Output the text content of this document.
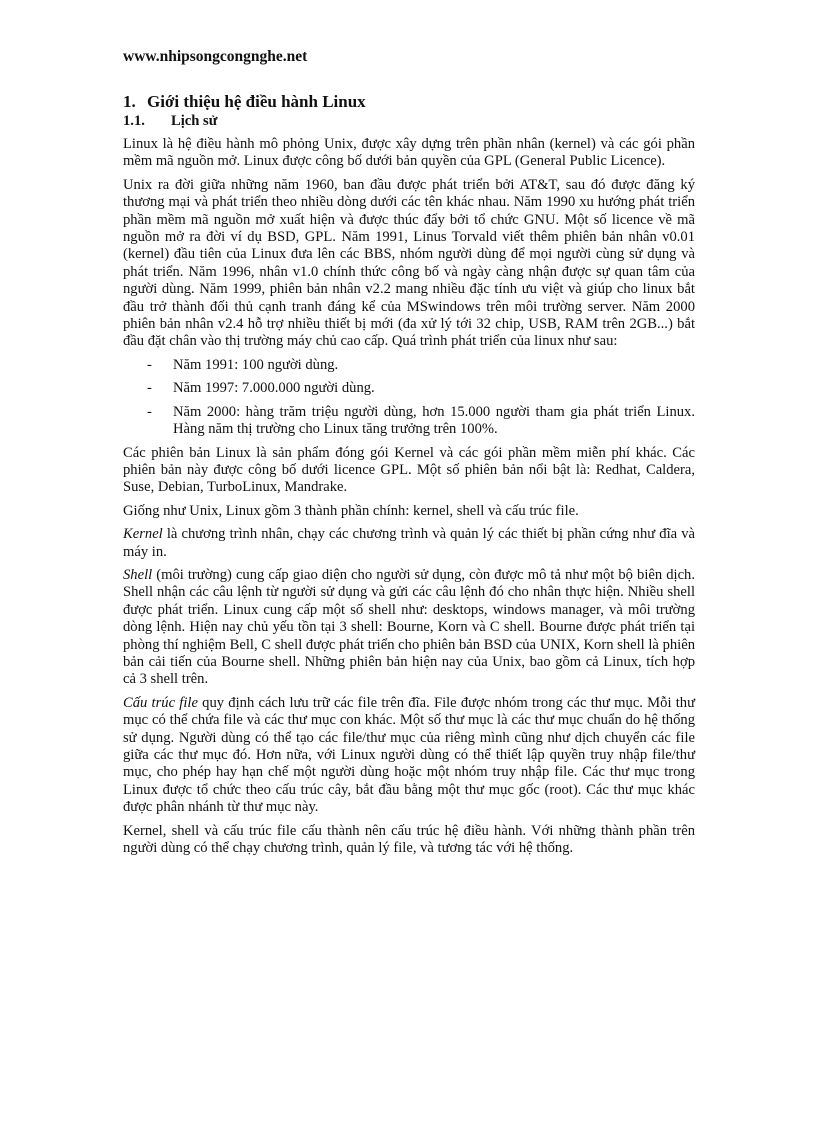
www.nhipsongcongnghe.net
1. Giới thiệu hệ điều hành Linux
1.1. Lịch sử

Linux là hệ điều hành mô phỏng Unix, được xây dựng trên phần nhân (kernel) và các gói phần mềm mã nguồn mở. Linux được công bố dưới bản quyền của GPL (General Public Licence).

Unix ra đời giữa những năm 1960, ban đầu được phát triển bởi AT&T, sau đó được đăng ký thương mại và phát triển theo nhiều dòng dưới các tên khác nhau. Năm 1990 xu hướng phát triển phần mềm mã nguồn mở xuất hiện và được thúc đẩy bởi tổ chức GNU. Một số licence về mã nguồn mở ra đời ví dụ BSD, GPL. Năm 1991, Linus Torvald viết thêm phiên bản nhân v0.01 (kernel) đầu tiên của Linux đưa lên các BBS, nhóm người dùng để mọi người cùng sử dụng và phát triển. Năm 1996, nhân v1.0 chính thức công bố và ngày càng nhận được sự quan tâm của người dùng. Năm 1999, phiên bản nhân v2.2 mang nhiều đặc tính ưu việt và giúp cho linux bắt đầu trở thành đối thủ cạnh tranh đáng kể của MSwindows trên môi trường server. Năm 2000 phiên bản nhân v2.4 hỗ trợ nhiều thiết bị mới (đa xử lý tới 32 chip, USB, RAM trên 2GB...) bắt đầu đặt chân vào thị trường máy chủ cao cấp. Quá trình phát triển của linux như sau:

-	Năm 1991: 100 người dùng.
-	Năm 1997: 7.000.000 người dùng.
-	Năm 2000: hàng trăm triệu người dùng, hơn 15.000 người tham gia phát triển Linux. Hàng năm thị trường cho Linux tăng trưởng trên 100%.

Các phiên bản Linux là sản phẩm đóng gói Kernel và các gói phần mềm miễn phí khác. Các phiên bản này được công bố dưới licence GPL. Một số phiên bản nổi bật là: Redhat, Caldera, Suse, Debian, TurboLinux, Mandrake.

Giống như Unix, Linux gồm 3 thành phần chính: kernel, shell và cấu trúc file.

Kernel là chương trình nhân, chạy các chương trình và quản lý các thiết bị phần cứng như đĩa và máy in.

Shell (môi trường) cung cấp giao diện cho người sử dụng, còn được mô tả như một bộ biên dịch. Shell nhận các câu lệnh từ người sử dụng và gửi các câu lệnh đó cho nhân thực hiện. Nhiều shell được phát triển. Linux cung cấp một số shell như: desktops, windows manager, và môi trường dòng lệnh. Hiện nay chủ yếu tồn tại 3 shell: Bourne, Korn và C shell. Bourne được phát triển tại phòng thí nghiệm Bell, C shell được phát triển cho phiên bản BSD của UNIX, Korn shell là phiên bản cải tiến của Bourne shell. Những phiên bản hiện nay của Unix, bao gồm cả Linux, tích hợp cả 3 shell trên.

Cấu trúc file quy định cách lưu trữ các file trên đĩa. File được nhóm trong các thư mục. Mỗi thư mục có thể chứa file và các thư mục con khác. Một số thư mục là các thư mục chuẩn do hệ thống sử dụng. Người dùng có thể tạo các file/thư mục của riêng mình cũng như dịch chuyển các file giữa các thư mục đó. Hơn nữa, với Linux người dùng có thể thiết lập quyền truy nhập file/thư mục, cho phép hay hạn chế một người dùng hoặc một nhóm truy nhập file. Các thư mục trong Linux được tổ chức theo cấu trúc cây, bắt đầu bằng một thư mục gốc (root). Các thư mục khác được phân nhánh từ thư mục này.

Kernel, shell và cấu trúc file cấu thành nên cấu trúc hệ điều hành. Với những thành phần trên người dùng có thể chạy chương trình, quản lý file, và tương tác với hệ thống.
